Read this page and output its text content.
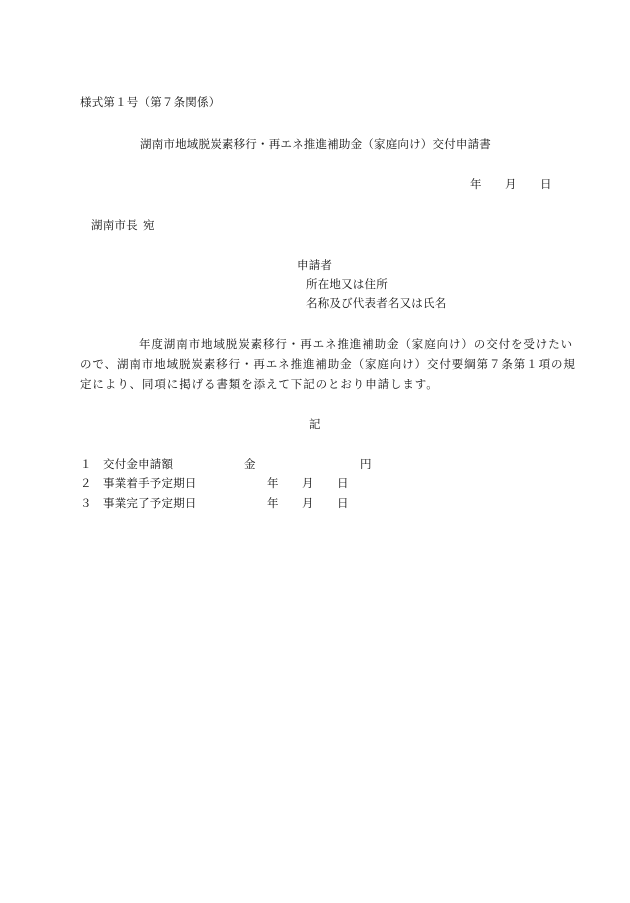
様式第１号（第７条関係）
湖南市地域脱炭素移行・再エネ推進補助金（家庭向け）交付申請書
年 月 日
湖南市長 宛
申請者
所在地又は住所
名称及び代表者名又は氏名
年度湖南市地域脱炭素移行・再エネ推進補助金（家庭向け）の交付を受けたい
ので、湖南市地域脱炭素移行・再エネ推進補助金（家庭向け）交付要綱第７条第１項の規
定により、同項に掲げる書類を添えて下記のとおり申請します。
記
１ 交付金申請額	金	円
２ 事業着手予定期日	年 月 日
３ 事業完了予定期日	年 月 日
